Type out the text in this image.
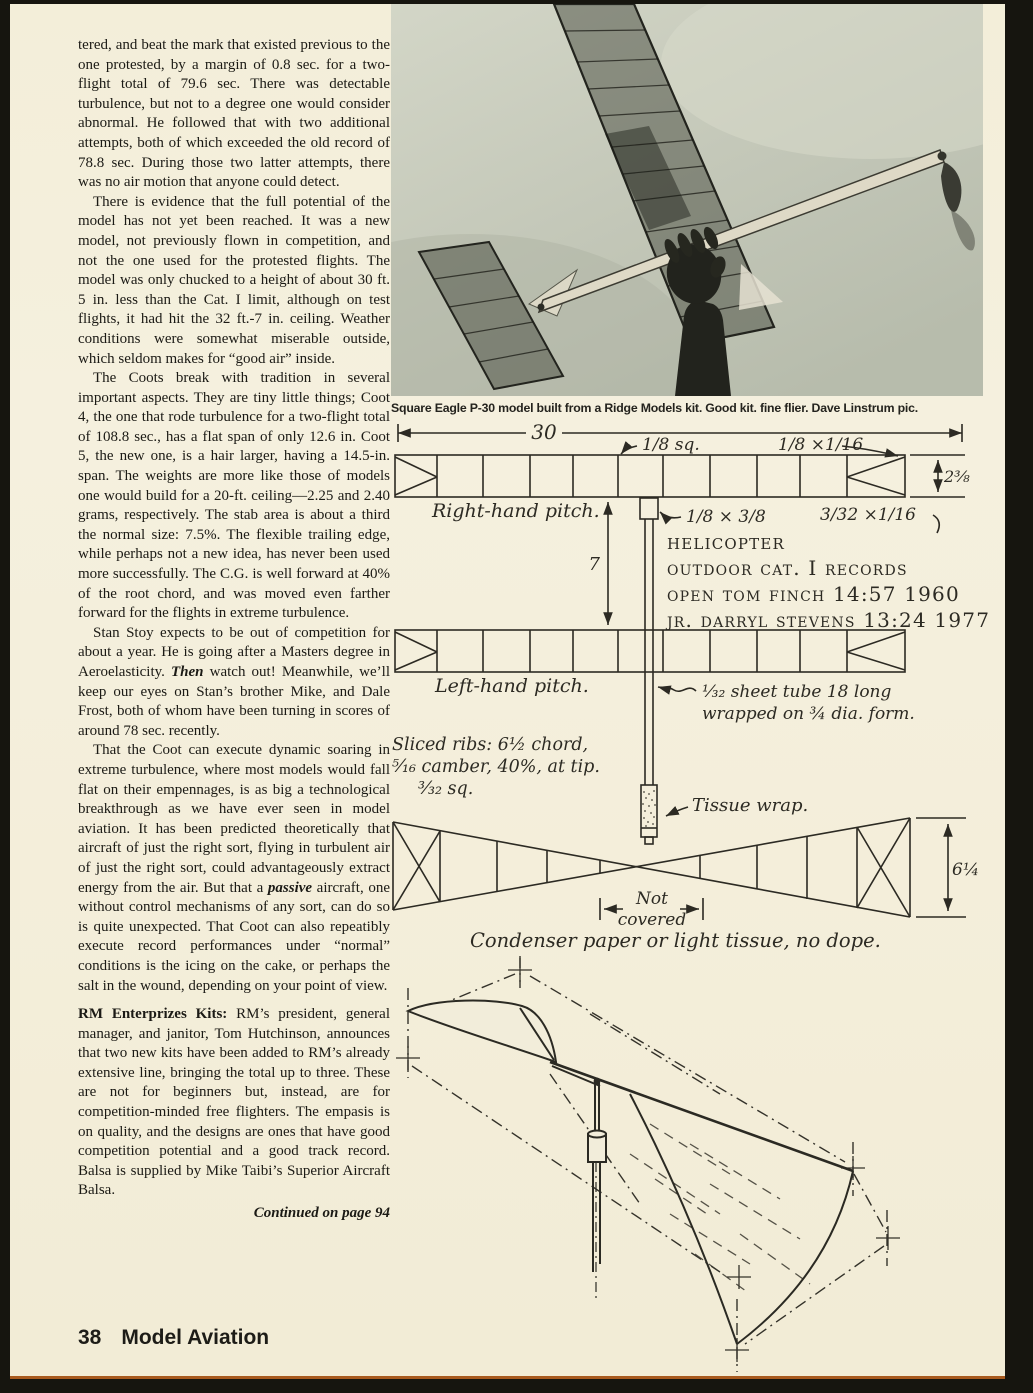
Square Eagle P-30 model built from a Ridge Models kit. Good kit. fine flier. Dave Linstrum pic.

tered, and beat the mark that existed previous to the one protested, by a margin of 0.8 sec. for a two-flight total of 79.6 sec. There was detectable turbulence, but not to a degree one would consider abnormal. He followed that with two additional attempts, both of which exceeded the old record of 78.8 sec. During those two latter attempts, there was no air motion that anyone could detect.

There is evidence that the full potential of the model has not yet been reached. It was a new model, not previously flown in competition, and not the one used for the protested flights. The model was only chucked to a height of about 30 ft. 5 in. less than the Cat. I limit, although on test flights, it had hit the 32 ft.-7 in. ceiling. Weather conditions were somewhat miserable outside, which seldom makes for “good air” inside.

The Coots break with tradition in several important aspects. They are tiny little things; Coot 4, the one that rode turbulence for a two-flight total of 108.8 sec., has a flat span of only 12.6 in. Coot 5, the new one, is a hair larger, having a 14.5-in. span. The weights are more like those of models one would build for a 20-ft. ceiling—2.25 and 2.40 grams, respectively. The stab area is about a third the normal size: 7.5%. The flexible trailing edge, while perhaps not a new idea, has never been used more successfully. The C.G. is well forward at 40% of the root chord, and was moved even farther forward for the flights in extreme turbulence.

Stan Stoy expects to be out of competition for about a year. He is going after a Masters degree in Aeroelasticity. Then watch out! Meanwhile, we’ll keep our eyes on Stan’s brother Mike, and Dale Frost, both of whom have been turning in scores of around 78 sec. recently.

That the Coot can execute dynamic soaring in extreme turbulence, where most models would fall flat on their empennages, is as big a technological breakthrough as we have ever seen in model aviation. It has been predicted theoretically that aircraft of just the right sort, flying in turbulent air of just the right sort, could advantageously extract energy from the air. But that a passive aircraft, one without control mechanisms of any sort, can do so is quite unexpected. That Coot can also repeatibly execute record performances under “normal” conditions is the icing on the cake, or perhaps the salt in the wound, depending on your point of view.

RM Enterprizes Kits: RM’s president, general manager, and janitor, Tom Hutchinson, announces that two new kits have been added to RM’s already extensive line, bringing the total up to three. These are not for beginners but, instead, are for competition-minded free flighters. The empasis is on quality, and the designs are ones that have good competition potential and a good track record. Balsa is supplied by Mike Taibi’s Superior Aircraft Balsa.

Continued on page 94
38 Model Aviation
30
1/8 sq.	1/8 ×1/16
2⅜
Right-hand pitch.
7
1/8 × 3/8	3/32 ×1/16
helicopter
outdoor cat. I records
open tom finch 14:57 1960
jr. darryl stevens 13:24 1977
Left-hand pitch.	¹⁄₃₂ sheet tube 18 long
wrapped on ¾ dia. form.
Sliced ribs: 6½ chord,
⁵⁄₁₆ camber, 40%, at tip.
³⁄₃₂ sq.
Tissue wrap.
Not
covered
6¼
Condenser paper or light tissue, no dope.
